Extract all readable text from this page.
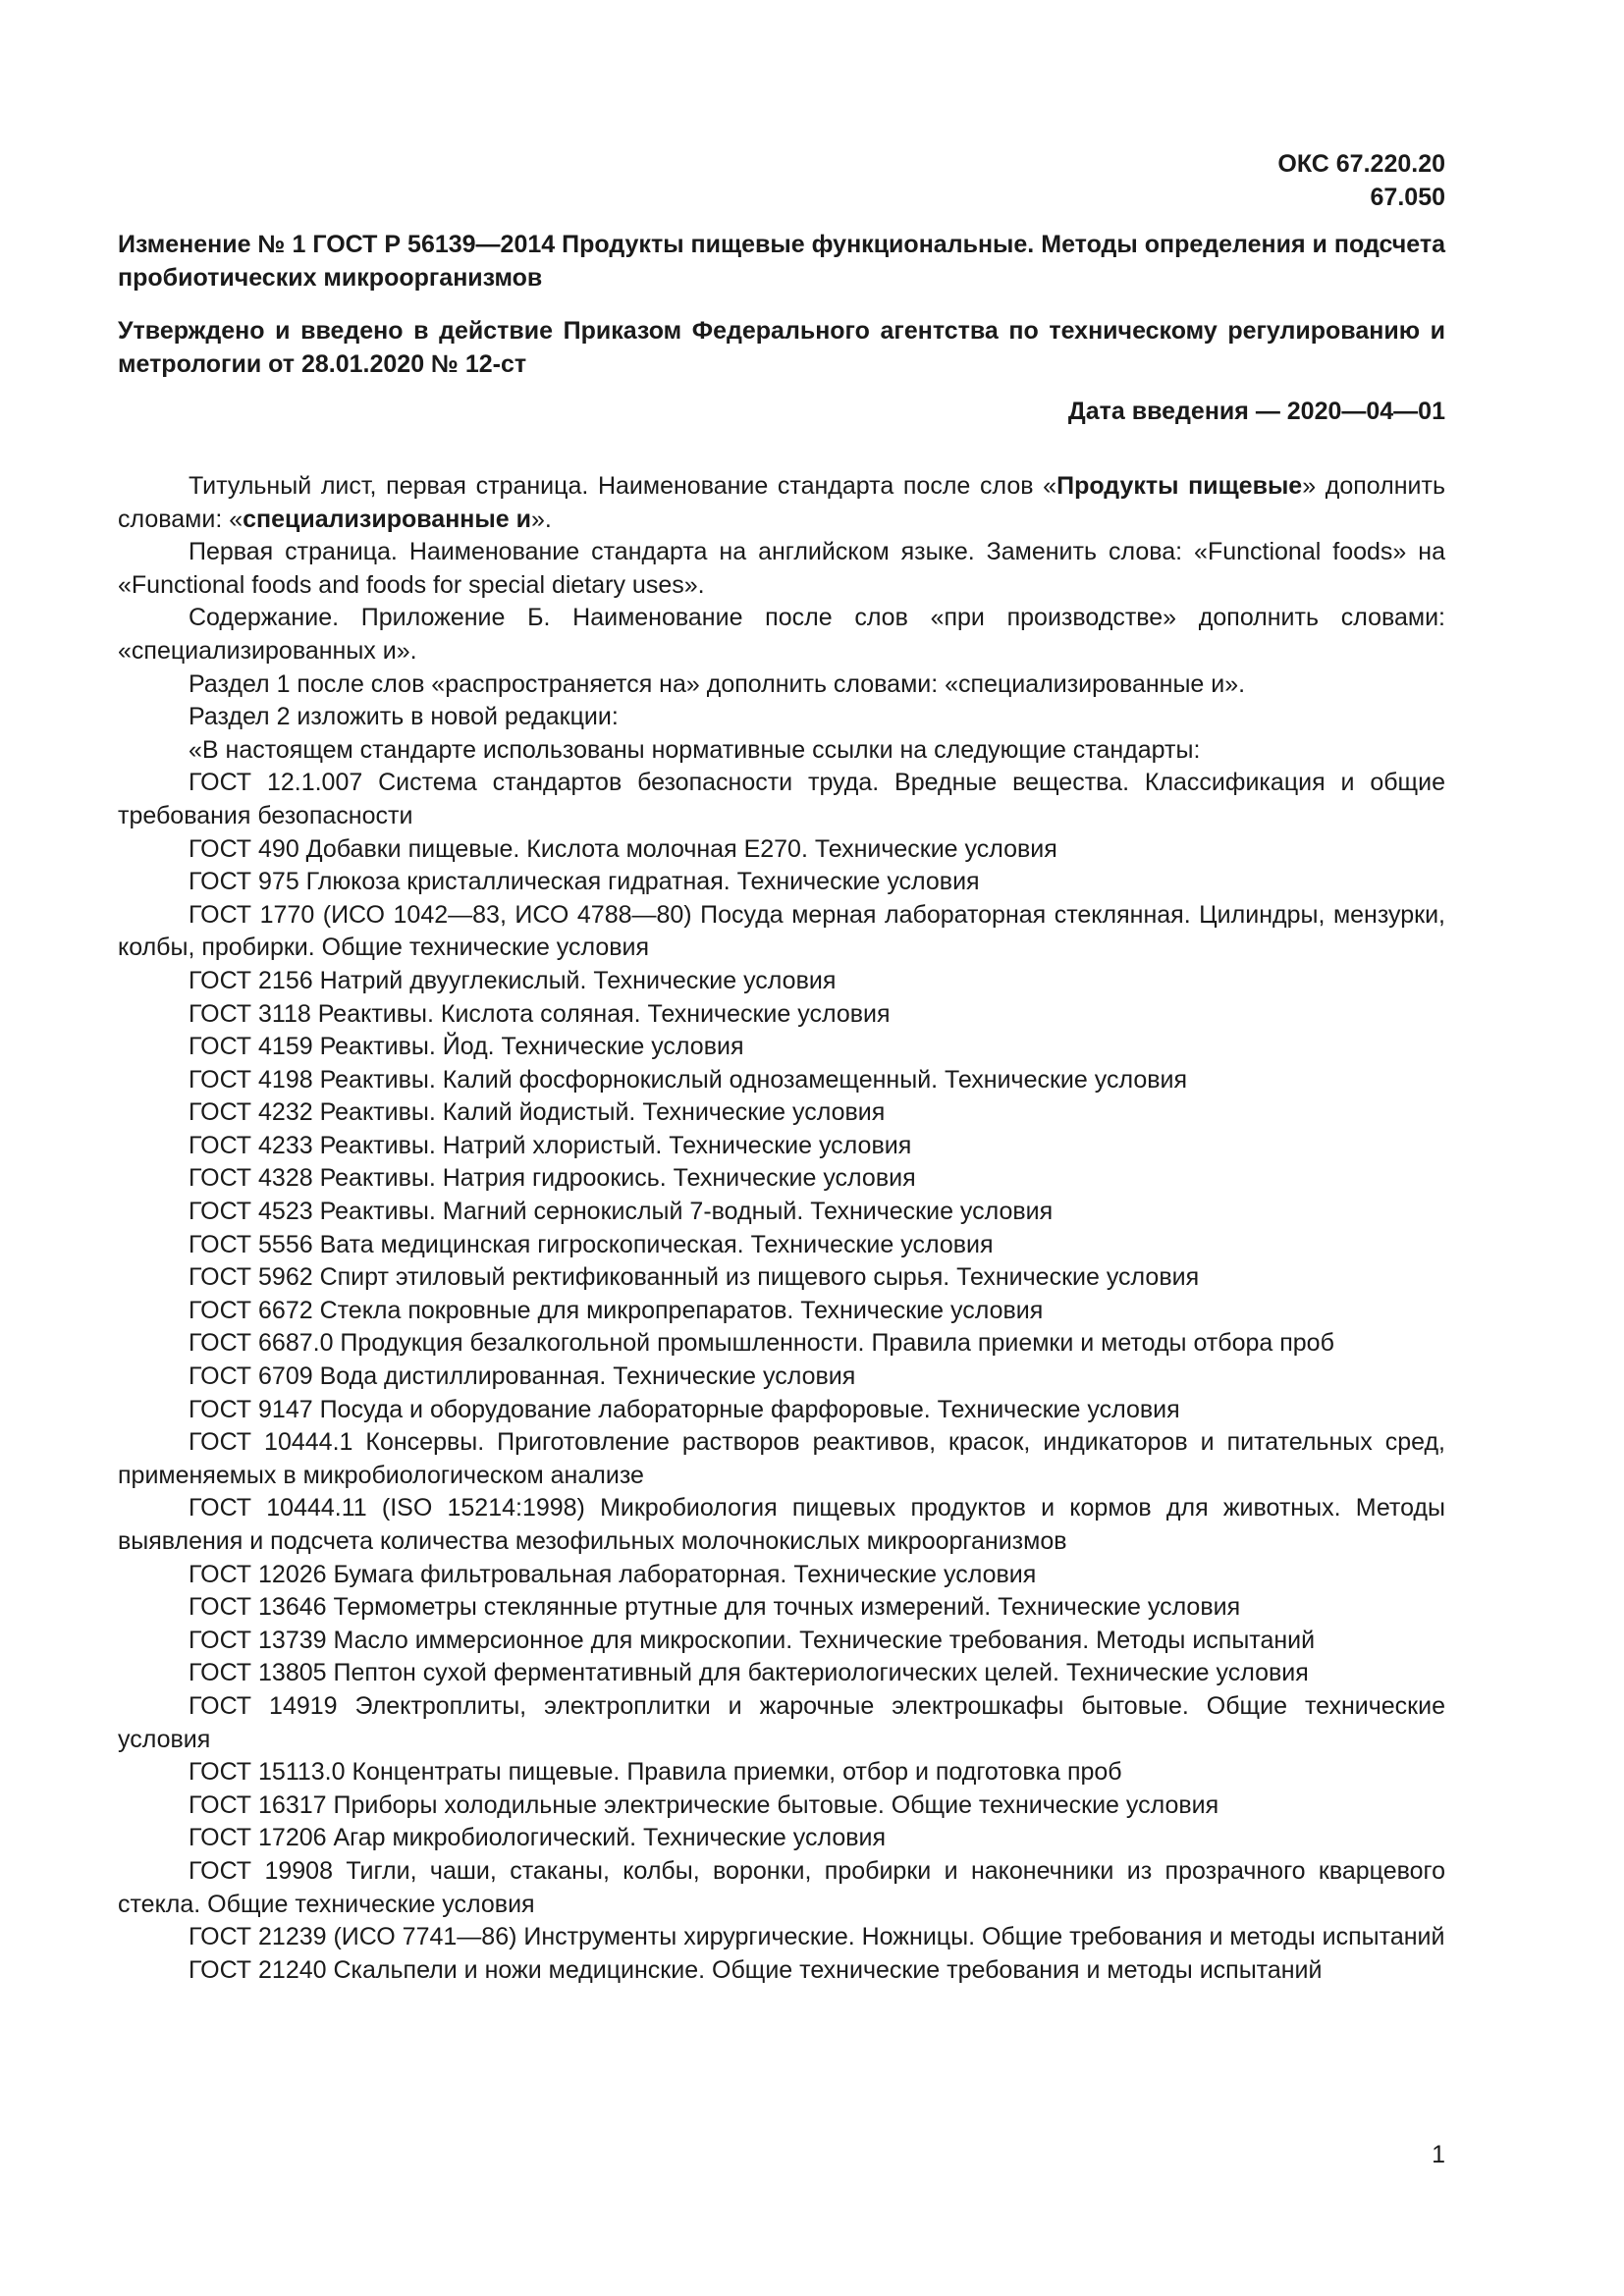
ОКС 67.220.20
67.050
Изменение № 1 ГОСТ Р 56139—2014 Продукты пищевые функциональные. Методы определения и подсчета пробиотических микроорганизмов
Утверждено и введено в действие Приказом Федерального агентства по техническому регулированию и метрологии от 28.01.2020 № 12-ст
Дата введения — 2020—04—01

Титульный лист, первая страница. Наименование стандарта после слов «Продукты пищевые» дополнить словами: «специализированные и».

Первая страница. Наименование стандарта на английском языке. Заменить слова: «Functional foods» на «Functional foods and foods for special dietary uses».

Содержание. Приложение Б. Наименование после слов «при производстве» дополнить словами: «специализированных и».

Раздел 1 после слов «распространяется на» дополнить словами: «специализированные и».

Раздел 2 изложить в новой редакции:

«В настоящем стандарте использованы нормативные ссылки на следующие стандарты:

ГОСТ 12.1.007 Система стандартов безопасности труда. Вредные вещества. Классификация и общие требования безопасности

ГОСТ 490 Добавки пищевые. Кислота молочная Е270. Технические условия

ГОСТ 975 Глюкоза кристаллическая гидратная. Технические условия

ГОСТ 1770 (ИСО 1042—83, ИСО 4788—80) Посуда мерная лабораторная стеклянная. Цилиндры, мензурки, колбы, пробирки. Общие технические условия

ГОСТ 2156 Натрий двууглекислый. Технические условия

ГОСТ 3118 Реактивы. Кислота соляная. Технические условия

ГОСТ 4159 Реактивы. Йод. Технические условия

ГОСТ 4198 Реактивы. Калий фосфорнокислый однозамещенный. Технические условия

ГОСТ 4232 Реактивы. Калий йодистый. Технические условия

ГОСТ 4233 Реактивы. Натрий хлористый. Технические условия

ГОСТ 4328 Реактивы. Натрия гидроокись. Технические условия

ГОСТ 4523 Реактивы. Магний сернокислый 7-водный. Технические условия

ГОСТ 5556 Вата медицинская гигроскопическая. Технические условия

ГОСТ 5962 Спирт этиловый ректификованный из пищевого сырья. Технические условия

ГОСТ 6672 Стекла покровные для микропрепаратов. Технические условия

ГОСТ 6687.0 Продукция безалкогольной промышленности. Правила приемки и методы отбора проб

ГОСТ 6709 Вода дистиллированная. Технические условия

ГОСТ 9147 Посуда и оборудование лабораторные фарфоровые. Технические условия

ГОСТ 10444.1 Консервы. Приготовление растворов реактивов, красок, индикаторов и питательных сред, применяемых в микробиологическом анализе

ГОСТ 10444.11 (ISO 15214:1998) Микробиология пищевых продуктов и кормов для животных. Методы выявления и подсчета количества мезофильных молочнокислых микроорганизмов

ГОСТ 12026 Бумага фильтровальная лабораторная. Технические условия

ГОСТ 13646 Термометры стеклянные ртутные для точных измерений. Технические условия

ГОСТ 13739 Масло иммерсионное для микроскопии. Технические требования. Методы испытаний

ГОСТ 13805 Пептон сухой ферментативный для бактериологических целей. Технические условия

ГОСТ 14919 Электроплиты, электроплитки и жарочные электрошкафы бытовые. Общие технические условия

ГОСТ 15113.0 Концентраты пищевые. Правила приемки, отбор и подготовка проб

ГОСТ 16317 Приборы холодильные электрические бытовые. Общие технические условия

ГОСТ 17206 Агар микробиологический. Технические условия

ГОСТ 19908 Тигли, чаши, стаканы, колбы, воронки, пробирки и наконечники из прозрачного кварцевого стекла. Общие технические условия

ГОСТ 21239 (ИСО 7741—86) Инструменты хирургические. Ножницы. Общие требования и методы испытаний

ГОСТ 21240 Скальпели и ножи медицинские. Общие технические требования и методы испытаний

1
